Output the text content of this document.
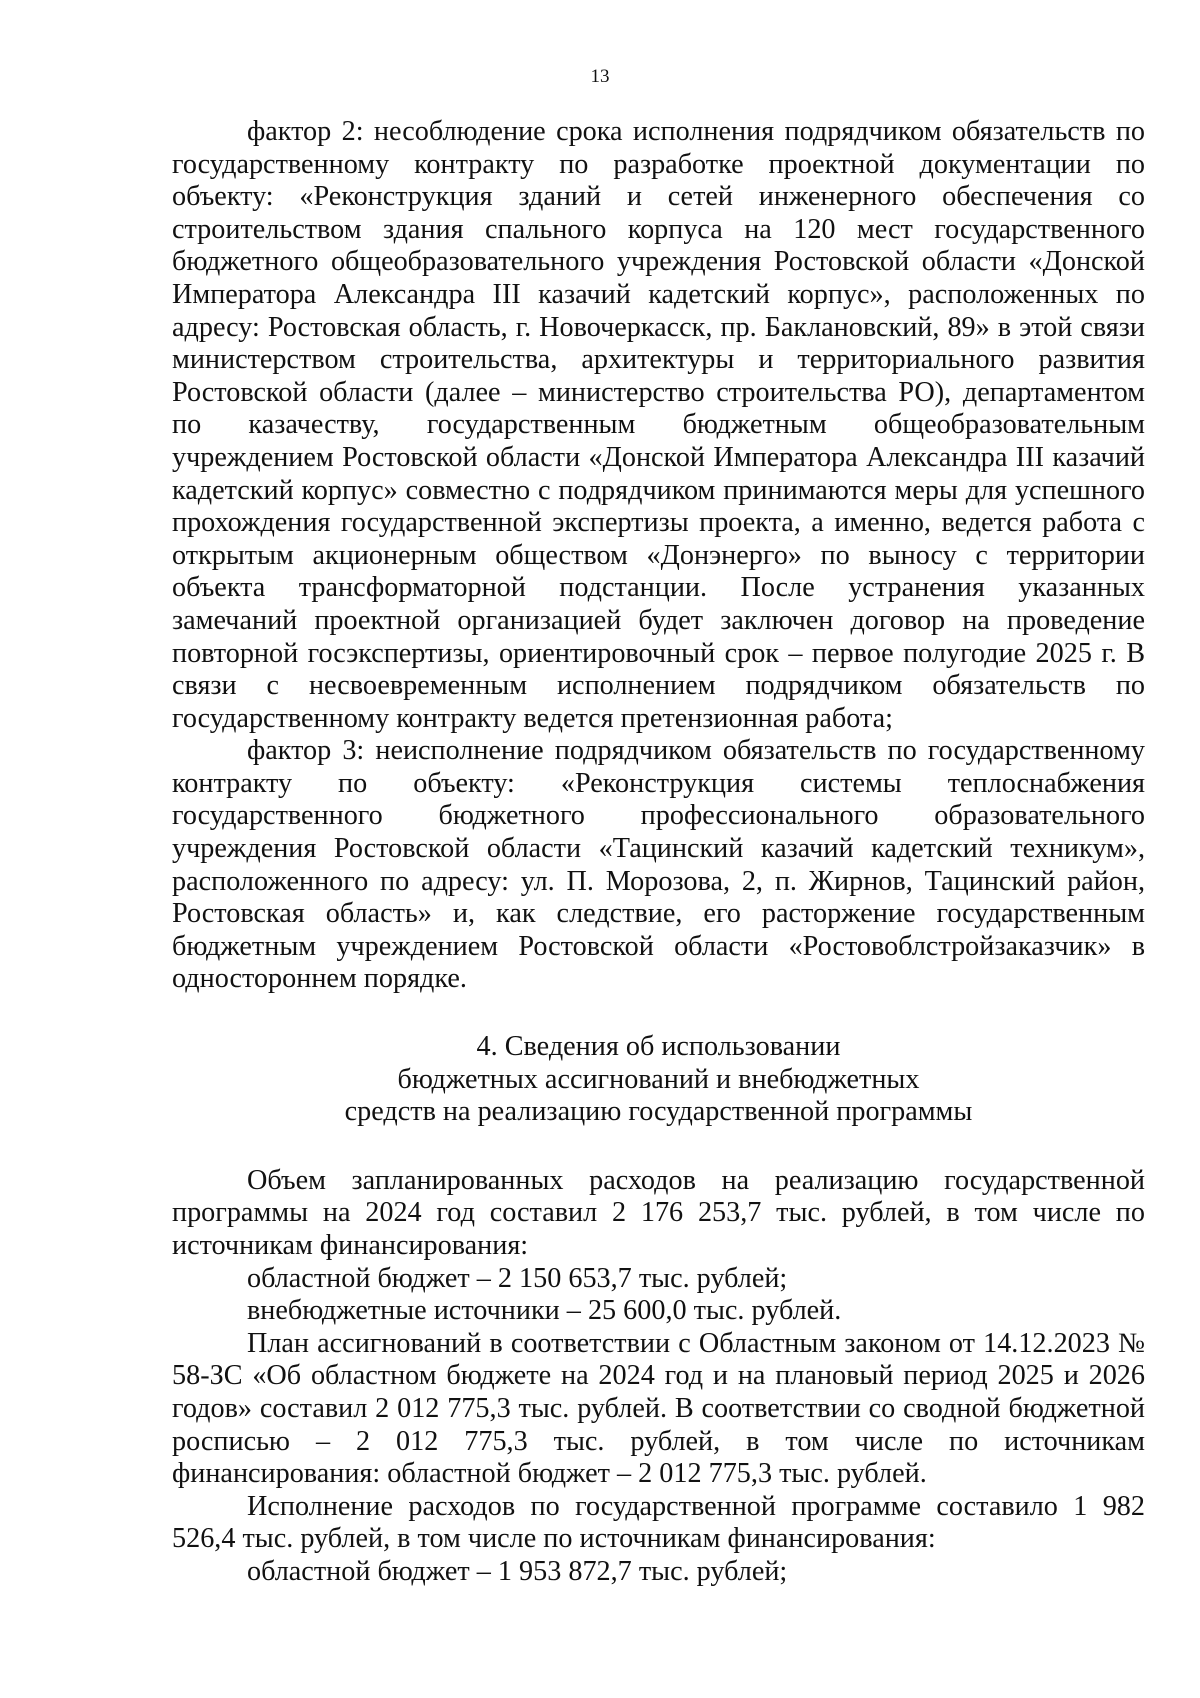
13

фактор 2: несоблюдение срока исполнения подрядчиком обязательств по государственному контракту по разработке проектной документации по объекту: «Реконструкция зданий и сетей инженерного обеспечения со строительством здания спального корпуса на 120 мест государственного бюджетного общеобразовательного учреждения Ростовской области «Донской Императора Александра III казачий кадетский корпус», расположенных по адресу: Ростовская область, г. Новочеркасск, пр. Баклановский, 89» в этой связи министерством строительства, архитектуры и территориального развития Ростовской области (далее – министерство строительства РО), департаментом по казачеству, государственным бюджетным общеобразовательным учреждением Ростовской области «Донской Императора Александра III казачий кадетский корпус» совместно с подрядчиком принимаются меры для успешного прохождения государственной экспертизы проекта, а именно, ведется работа с открытым акционерным обществом «Донэнерго» по выносу с территории объекта трансформаторной подстанции. После устранения указанных замечаний проектной организацией будет заключен договор на проведение повторной госэкспертизы, ориентировочный срок – первое полугодие 2025 г. В связи с несвоевременным исполнением подрядчиком обязательств по государственному контракту ведется претензионная работа;

фактор 3: неисполнение подрядчиком обязательств по государственному контракту по объекту: «Реконструкция системы теплоснабжения государственного бюджетного профессионального образовательного учреждения Ростовской области «Тацинский казачий кадетский техникум», расположенного по адресу: ул. П. Морозова, 2, п. Жирнов, Тацинский район, Ростовская область» и, как следствие, его расторжение государственным бюджетным учреждением Ростовской области «Ростовоблстройзаказчик» в одностороннем порядке.

4. Сведения об использовании
бюджетных ассигнований и внебюджетных
средств на реализацию государственной программы

Объем запланированных расходов на реализацию государственной программы на 2024 год составил 2 176 253,7 тыс. рублей, в том числе по источникам финансирования:

областной бюджет – 2 150 653,7 тыс. рублей;

внебюджетные источники – 25 600,0 тыс. рублей.

План ассигнований в соответствии с Областным законом от 14.12.2023 № 58-ЗС «Об областном бюджете на 2024 год и на плановый период 2025 и 2026 годов» составил 2 012 775,3 тыс. рублей. В соответствии со сводной бюджетной росписью – 2 012 775,3 тыс. рублей, в том числе по источникам финансирования: областной бюджет – 2 012 775,3 тыс. рублей.

Исполнение расходов по государственной программе составило 1 982 526,4 тыс. рублей, в том числе по источникам финансирования:

областной бюджет – 1 953 872,7 тыс. рублей;
